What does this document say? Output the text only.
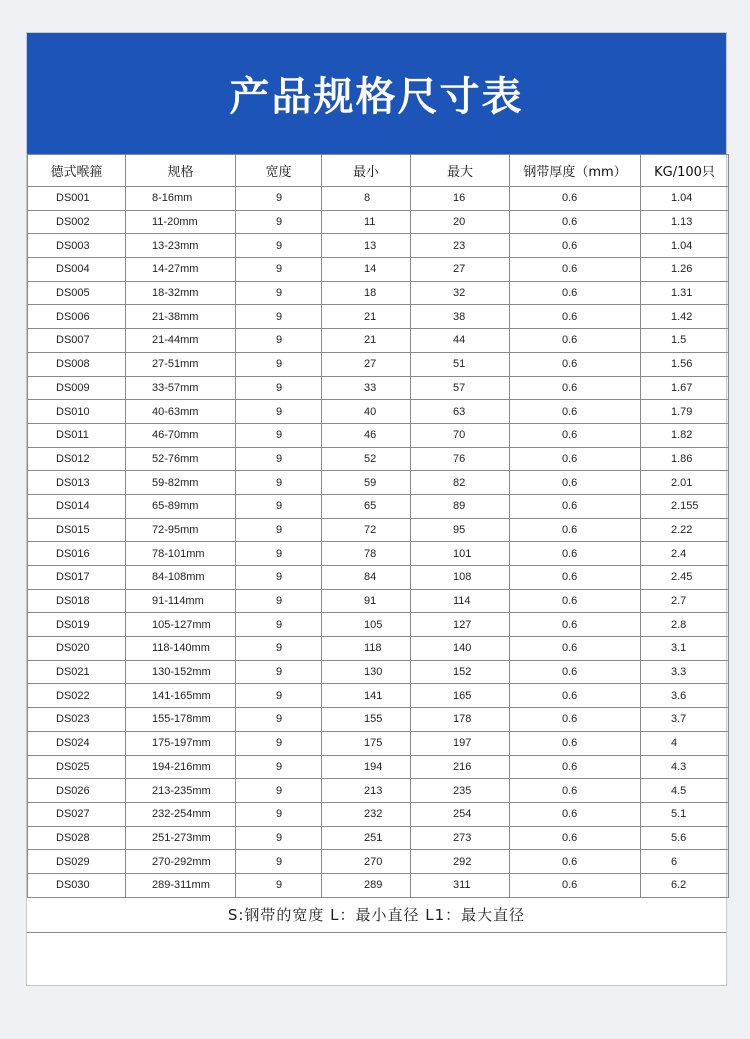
产品规格尺寸表
德式喉箍	规格	宽度	最小	最大	钢带厚度（mm）	KG/100只
DS001	8-16mm	9	8	16	0.6	1.04
DS002	11-20mm	9	11	20	0.6	1.13
DS003	13-23mm	9	13	23	0.6	1.04
DS004	14-27mm	9	14	27	0.6	1.26
DS005	18-32mm	9	18	32	0.6	1.31
DS006	21-38mm	9	21	38	0.6	1.42
DS007	21-44mm	9	21	44	0.6	1.5
DS008	27-51mm	9	27	51	0.6	1.56
DS009	33-57mm	9	33	57	0.6	1.67
DS010	40-63mm	9	40	63	0.6	1.79
DS011	46-70mm	9	46	70	0.6	1.82
DS012	52-76mm	9	52	76	0.6	1.86
DS013	59-82mm	9	59	82	0.6	2.01
DS014	65-89mm	9	65	89	0.6	2.155
DS015	72-95mm	9	72	95	0.6	2.22
DS016	78-101mm	9	78	101	0.6	2.4
DS017	84-108mm	9	84	108	0.6	2.45
DS018	91-114mm	9	91	114	0.6	2.7
DS019	105-127mm	9	105	127	0.6	2.8
DS020	118-140mm	9	118	140	0.6	3.1
DS021	130-152mm	9	130	152	0.6	3.3
DS022	141-165mm	9	141	165	0.6	3.6
DS023	155-178mm	9	155	178	0.6	3.7
DS024	175-197mm	9	175	197	0.6	4
DS025	194-216mm	9	194	216	0.6	4.3
DS026	213-235mm	9	213	235	0.6	4.5
DS027	232-254mm	9	232	254	0.6	5.1
DS028	251-273mm	9	251	273	0.6	5.6
DS029	270-292mm	9	270	292	0.6	6
DS030	289-311mm	9	289	311	0.6	6.2
S:钢带的宽度 L：最小直径 L1：最大直径
